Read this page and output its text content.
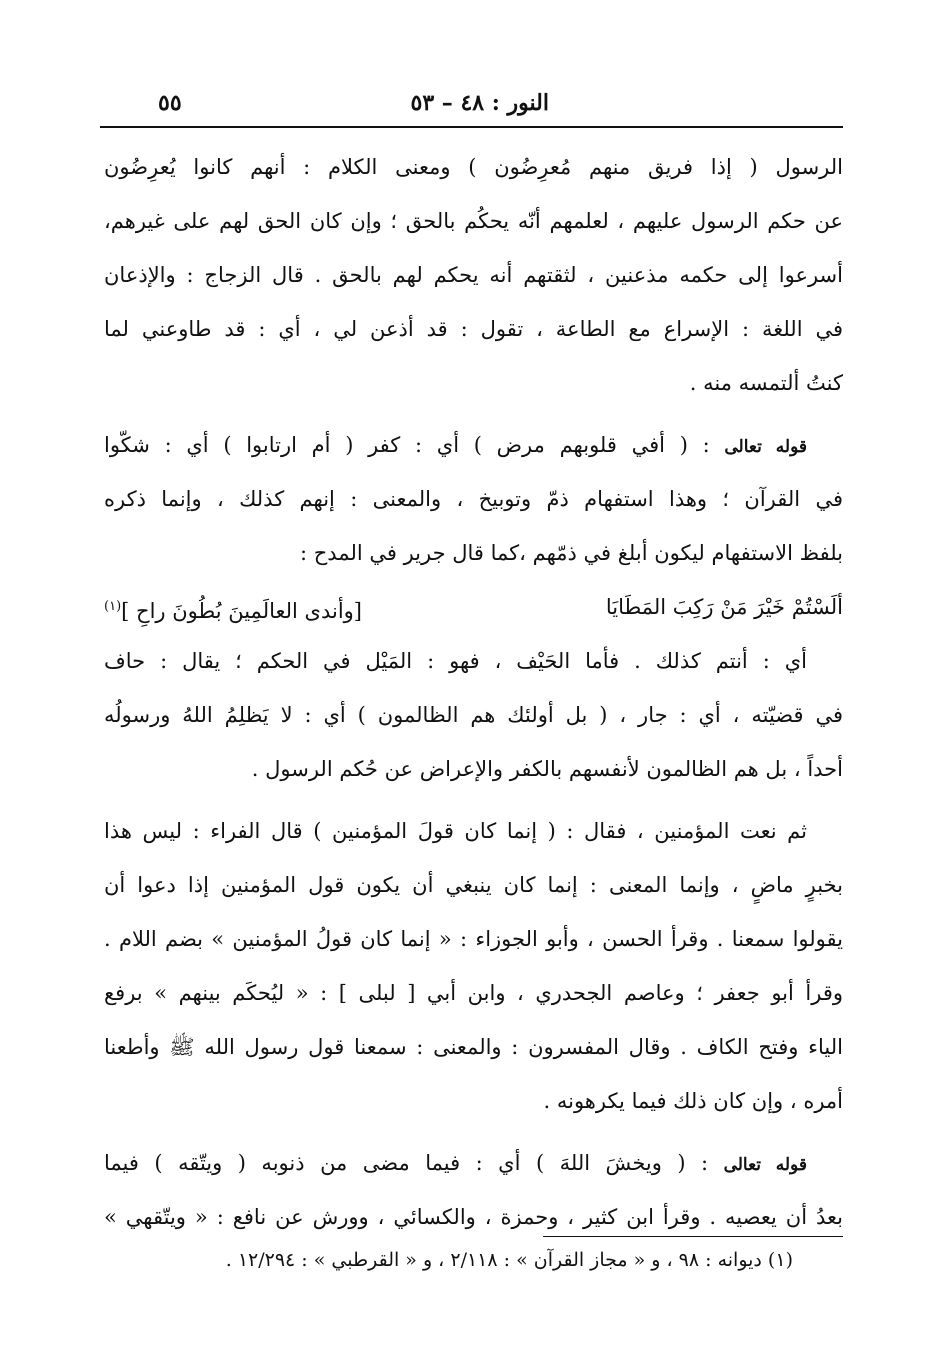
النور : ٤٨ – ٥٣
٥٥
الرسول ( إذا فريق منهم مُعرِضُون ) ومعنى الكلام : أنهم كانوا يُعرِضُون
عن حكم الرسول عليهم ، لعلمهم أنّه يحكُم بالحق ؛ وإن كان الحق لهم على غيرهم،
أسرعوا إلى حكمه مذعنين ، لثقتهم أنه يحكم لهم بالحق . قال الزجاج : والإذعان
في اللغة : الإسراع مع الطاعة ، تقول : قد أذعن لي ، أي : قد طاوعني لما
كنتُ ألتمسه منه .
قوله تعالى : ( أفي قلوبهم مرض ) أي : كفر ( أم ارتابوا ) أي : شكّوا
في القرآن ؛ وهذا استفهام ذمّ وتوبيخ ، والمعنى : إنهم كذلك ، وإنما ذكره
بلفظ الاستفهام ليكون أبلغ في ذمّهم ،كما قال جرير في المدح :
ألَسْتُمْ خَيْرَ مَنْ رَكِبَ المَطَايَا
[وأندى العالَمِينَ بُطُونَ راحِ ]$^{(١)}$
أي : أنتم كذلك . فأما الحَيْف ، فهو : المَيْل في الحكم ؛ يقال : حاف
في قضيّته ، أي : جار ، ( بل أولئك هم الظالمون ) أي : لا يَظلِمُ اللهُ ورسولُه
أحداً ، بل هم الظالمون لأنفسهم بالكفر والإعراض عن حُكم الرسول .
ثم نعت المؤمنين ، فقال : ( إنما كان قولَ المؤمنين ) قال الفراء : ليس هذا
بخبرٍ ماضٍ ، وإنما المعنى : إنما كان ينبغي أن يكون قول المؤمنين إذا دعوا أن
يقولوا سمعنا . وقرأ الحسن ، وأبو الجوزاء : « إنما كان قولُ المؤمنين » بضم اللام .
وقرأ أبو جعفر ؛ وعاصم الجحدري ، وابن أبي [ لبلى ] : « ليُحكَم بينهم » برفع
الياء وفتح الكاف . وقال المفسرون : والمعنى : سمعنا قول رسول الله ﷺ وأطعنا
أمره ، وإن كان ذلك فيما يكرهونه .
قوله تعالى : ( ويخشَ اللهَ ) أي : فيما مضى من ذنوبه ( ويتّقه ) فيما
بعدُ أن يعصيه . وقرأ ابن كثير ، وحمزة ، والكسائي ، وورش عن نافع : « ويتّقهي »
(١) ديوانه : ٩٨ ، و « مجاز القرآن » : ٢/١١٨ ، و « القرطبي » : ١٢/٢٩٤ .
